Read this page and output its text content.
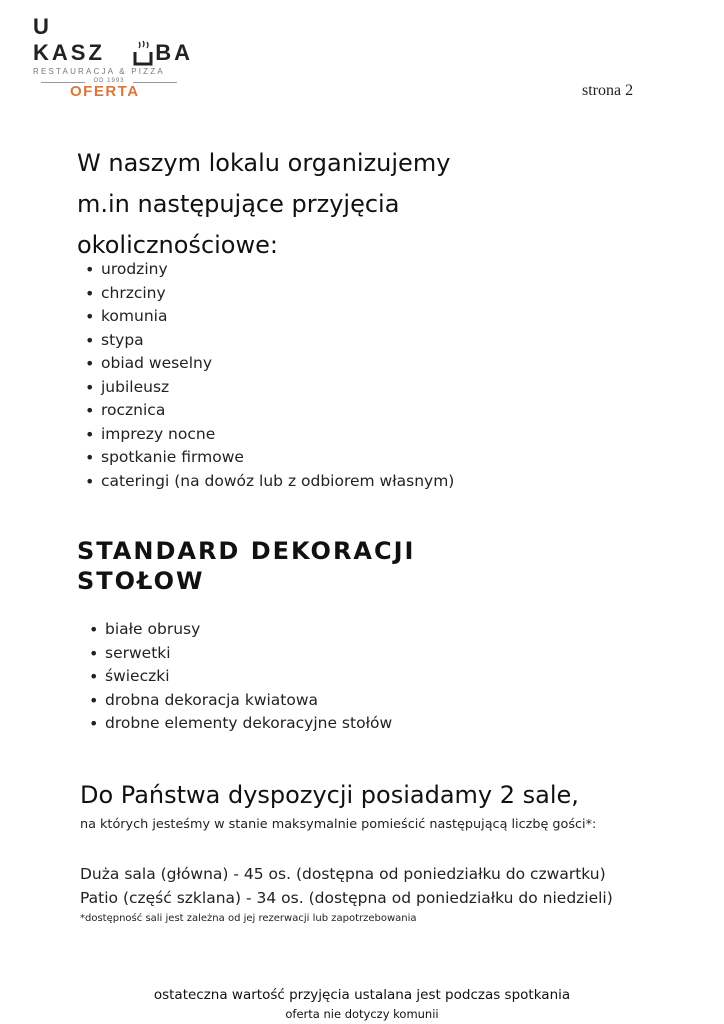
U KASZ	BA
RESTAURACJA & PIZZA
OD 1993
OFERTA	strona 2
W naszym lokalu organizujemy
m.in następujące przyjęcia
okolicznościowe:
• urodziny
• chrzciny
• komunia
• stypa
• obiad weselny
• jubileusz
• rocznica
• imprezy nocne
• spotkanie firmowe
• cateringi (na dowóz lub z odbiorem własnym)
STANDARD DEKORACJI
STOŁOW
• białe obrusy
• serwetki
• świeczki
• drobna dekoracja kwiatowa
• drobne elementy dekoracyjne stołów
Do Państwa dyspozycji posiadamy 2 sale,
na których jesteśmy w stanie maksymalnie pomieścić następującą liczbę gości*:
Duża sala (główna) - 45 os. (dostępna od poniedziałku do czwartku)
Patio (część szklana) - 34 os. (dostępna od poniedziałku do niedzieli)
*dostępność sali jest zależna od jej rezerwacji lub zapotrzebowania
ostateczna wartość przyjęcia ustalana jest podczas spotkania
oferta nie dotyczy komunii
